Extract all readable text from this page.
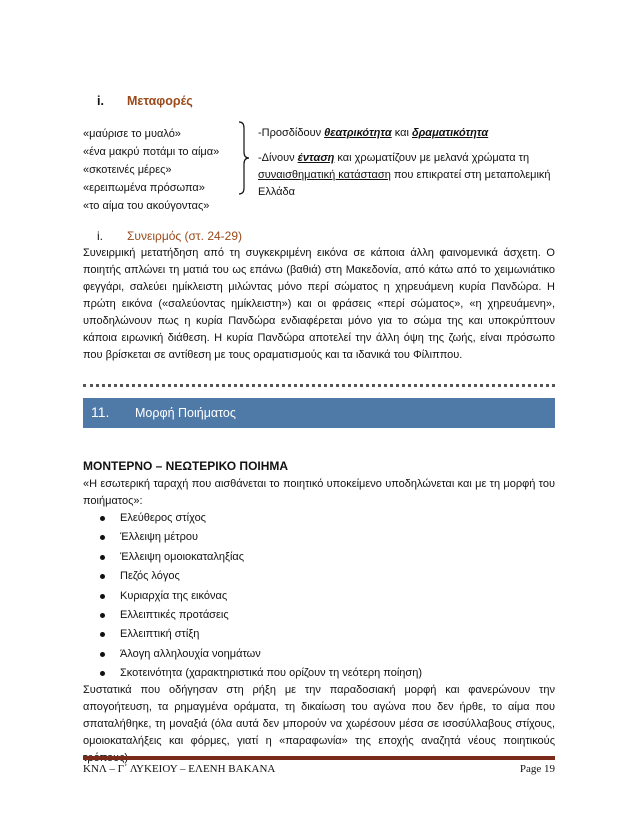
i. Μεταφορές
«μαύρισε το μυαλό»
«ένα μακρύ ποτάμι το αίμα»
«σκοτεινές μέρες»
«ερειπωμένα πρόσωπα»
«το αίμα του ακούγοντας»

-Προσδίδουν θεατρικότητα και δραματικότητα

-Δίνουν ένταση και χρωματίζουν με μελανά χρώματα τη συναισθηματική κατάσταση που επικρατεί στη μεταπολεμική Ελλάδα

i. Συνειρμός (στ. 24-29)
Συνειρμική μετατήδηση από τη συγκεκριμένη εικόνα σε κάποια άλλη φαινομενικά άσχετη. Ο ποιητής απλώνει τη ματιά του ως επάνω (βαθιά) στη Μακεδονία, από κάτω από το χειμωνιάτικο φεγγάρι, σαλεύει ημίκλειστη μιλώντας μόνο περί σώματος η χηρευάμενη κυρία Πανδώρα. Η πρώτη εικόνα («σαλεύοντας ημίκλειστη») και οι φράσεις «περί σώματος», «η χηρευάμενη», υποδηλώνουν πως η κυρία Πανδώρα ενδιαφέρεται μόνο για το σώμα της και υποκρύπτουν κάποια ειρωνική διάθεση. Η κυρία Πανδώρα αποτελεί την άλλη όψη της ζωής, είναι πρόσωπο που βρίσκεται σε αντίθεση με τους οραματισμούς και τα ιδανικά του Φίλιππου.
11. Μορφή Ποιήματος
ΜΟΝΤΕΡΝΟ – ΝΕΩΤΕΡΙΚΟ ΠΟΙΗΜΑ
«Η εσωτερική ταραχή που αισθάνεται το ποιητικό υποκείμενο υποδηλώνεται και με τη μορφή του ποιήματος»:
Ελεύθερος στίχος
Έλλειψη μέτρου
Έλλειψη ομοιοκαταληξίας
Πεζός λόγος
Κυριαρχία της εικόνας
Ελλειπτικές προτάσεις
Ελλειπτική στίξη
Άλογη αλληλουχία νοημάτων
Σκοτεινότητα (χαρακτηριστικά που ορίζουν τη νεότερη ποίηση)
Συστατικά που οδήγησαν στη ρήξη με την παραδοσιακή μορφή και φανερώνουν την απογοήτευση, τα ρημαγμένα οράματα, τη δικαίωση του αγώνα που δεν ήρθε, το αίμα που σπαταλήθηκε, τη μοναξιά (όλα αυτά δεν μπορούν να χωρέσουν μέσα σε ισοσύλλαβους στίχους, ομοιοκαταλήξεις και φόρμες, γιατί η «παραφωνία» της εποχής αναζητά νέους ποιητικούς
ΚΝΛ – Γ΄ ΛΥΚΕΙΟΥ – ΕΛΕΝΗ ΒΑΚΑΝΑ	Page 19
